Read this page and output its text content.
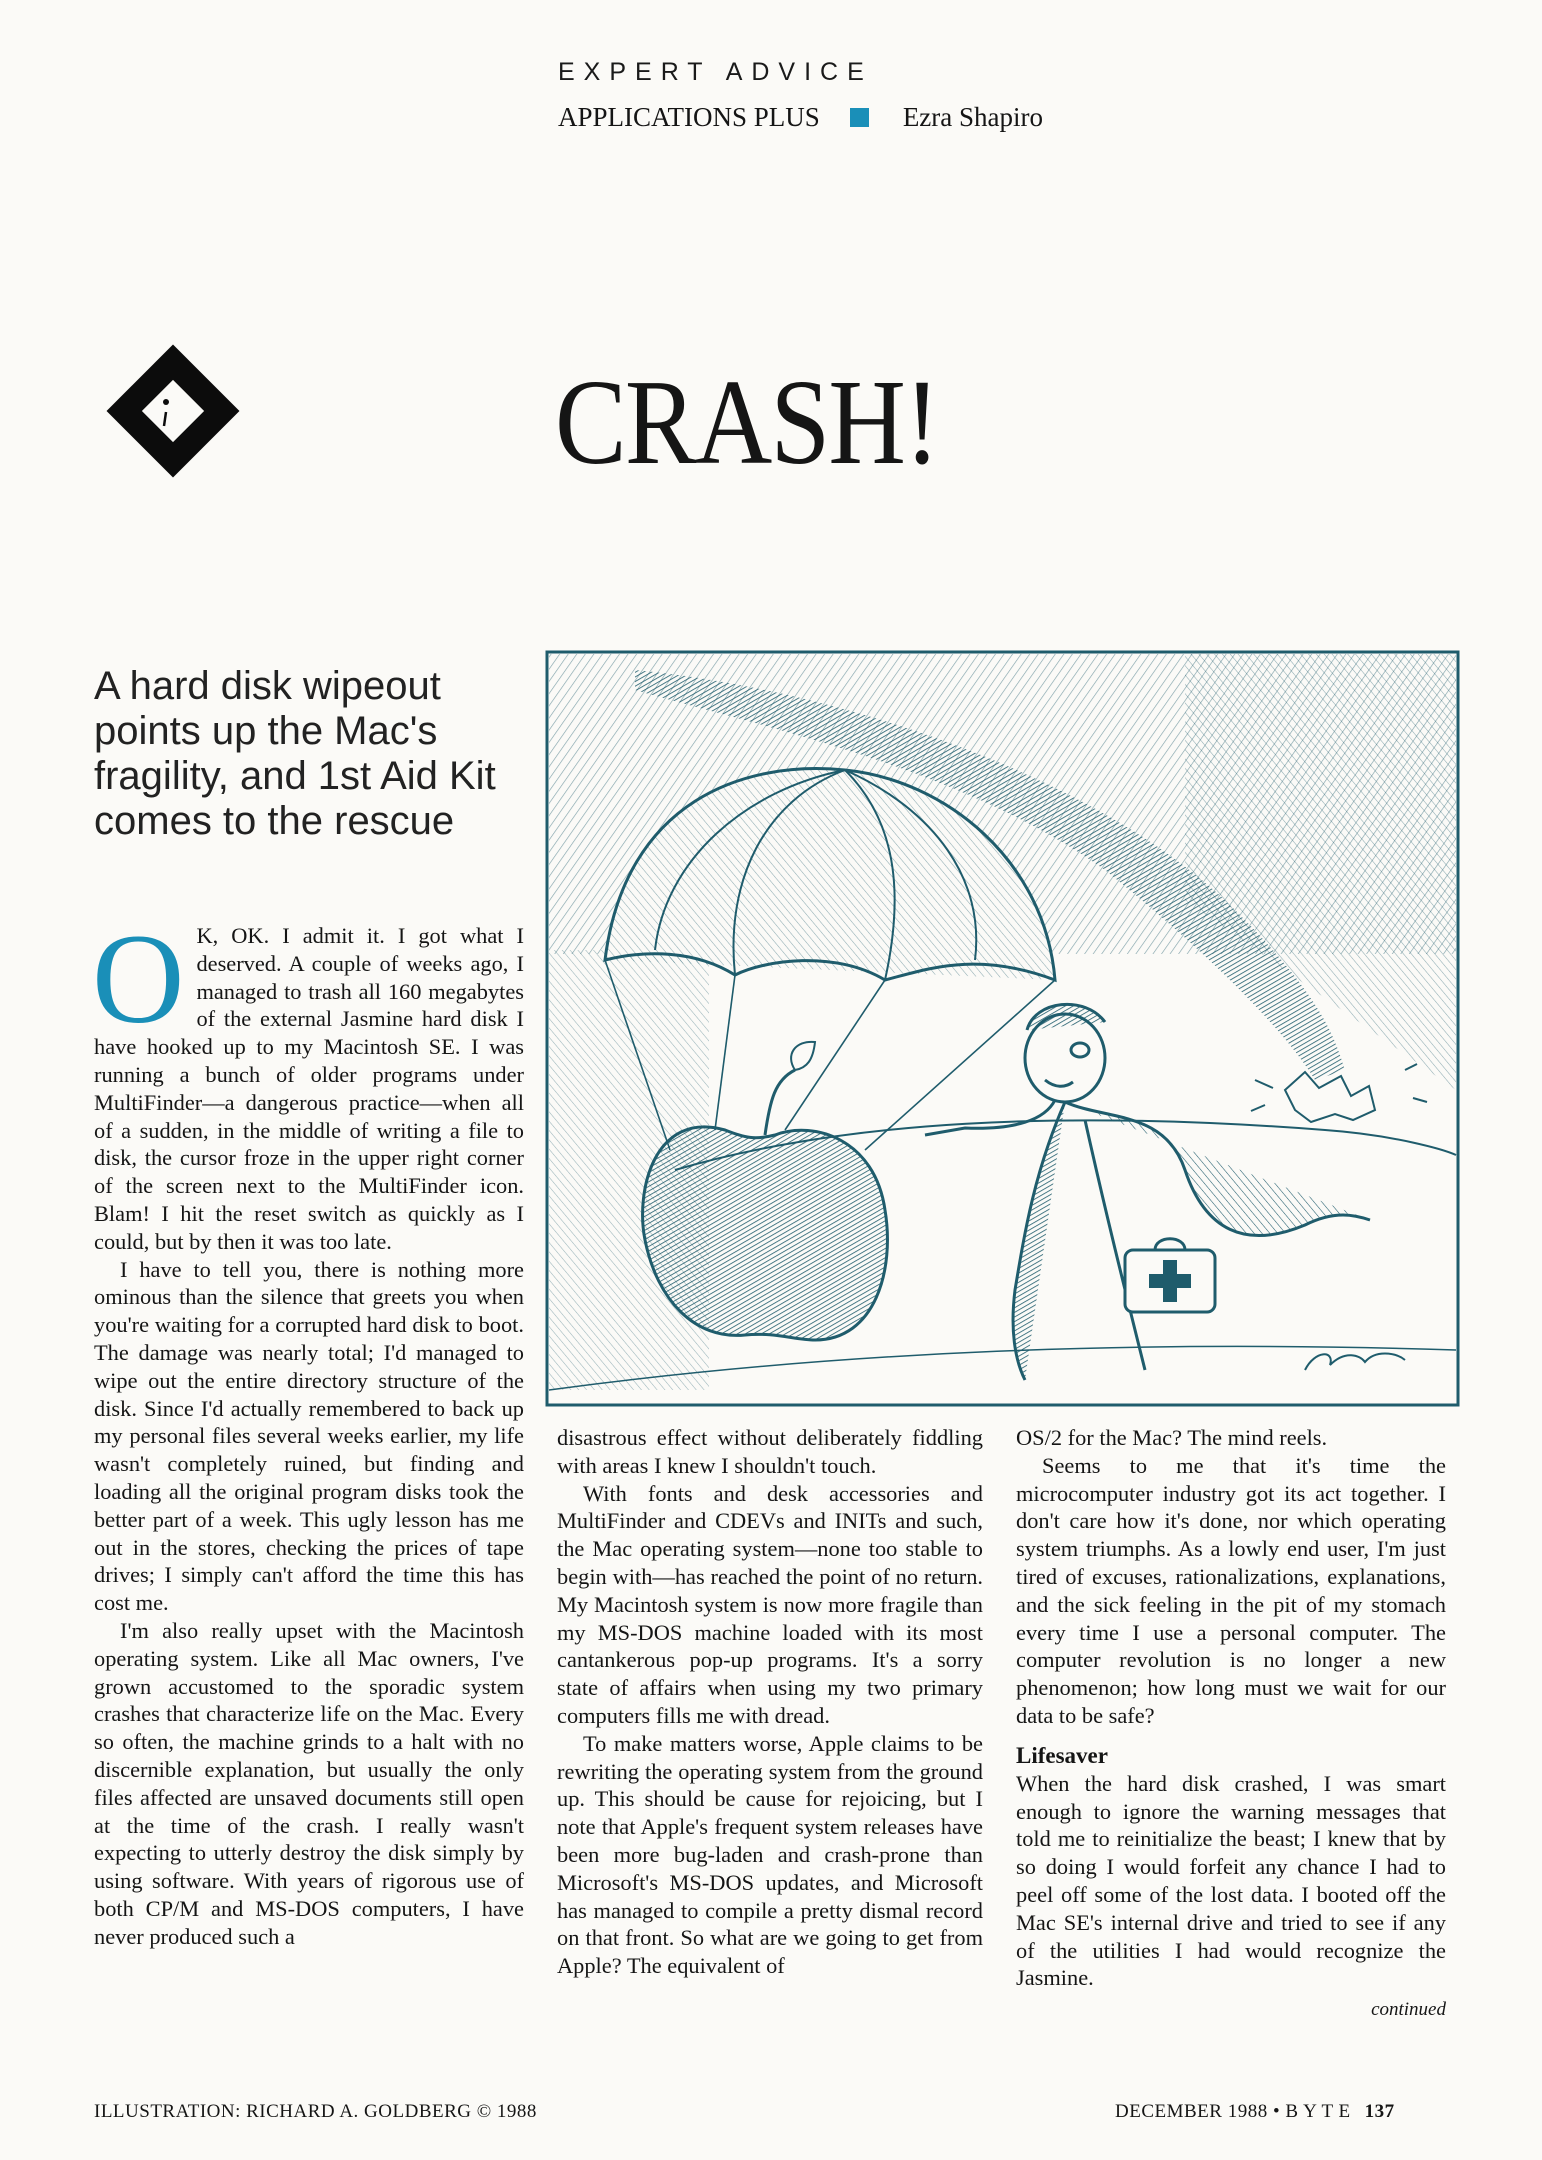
EXPERT ADVICE
APPLICATIONS PLUS	Ezra Shapiro
CRASH!
A hard disk wipeout points up the Mac's fragility, and 1st Aid Kit comes to the rescue

O K, OK. I admit it. I got what I deserved. A couple of weeks ago, I managed to trash all 160 megabytes of the external Jasmine hard disk I have hooked up to my Macintosh SE. I was running a bunch of older programs under MultiFinder—a dangerous practice—when all of a sudden, in the middle of writing a file to disk, the cursor froze in the upper right corner of the screen next to the MultiFinder icon. Blam! I hit the reset switch as quickly as I could, but by then it was too late.

I have to tell you, there is nothing more ominous than the silence that greets you when you're waiting for a corrupted hard disk to boot. The damage was nearly total; I'd managed to wipe out the entire directory structure of the disk. Since I'd actually remembered to back up my personal files several weeks earlier, my life wasn't completely ruined, but finding and loading all the original program disks took the better part of a week. This ugly lesson has me out in the stores, checking the prices of tape drives; I simply can't afford the time this has cost me.

I'm also really upset with the Macintosh operating system. Like all Mac owners, I've grown accustomed to the sporadic system crashes that characterize life on the Mac. Every so often, the machine grinds to a halt with no discernible explanation, but usually the only files affected are unsaved documents still open at the time of the crash. I really wasn't expecting to utterly destroy the disk simply by using software. With years of rigorous use of both CP/M and MS-DOS computers, I have never produced such a

disastrous effect without deliberately fiddling with areas I knew I shouldn't touch.

With fonts and desk accessories and MultiFinder and CDEVs and INITs and such, the Mac operating system—none too stable to begin with—has reached the point of no return. My Macintosh system is now more fragile than my MS-DOS machine loaded with its most cantankerous pop-up programs. It's a sorry state of affairs when using my two primary computers fills me with dread.

To make matters worse, Apple claims to be rewriting the operating system from the ground up. This should be cause for rejoicing, but I note that Apple's frequent system releases have been more bug-laden and crash-prone than Microsoft's MS-DOS updates, and Microsoft has managed to compile a pretty dismal record on that front. So what are we going to get from Apple? The equivalent of

OS/2 for the Mac? The mind reels.

Seems to me that it's time the microcomputer industry got its act together. I don't care how it's done, nor which operating system triumphs. As a lowly end user, I'm just tired of excuses, rationalizations, explanations, and the sick feeling in the pit of my stomach every time I use a personal computer. The computer revolution is no longer a new phenomenon; how long must we wait for our data to be safe?

Lifesaver

When the hard disk crashed, I was smart enough to ignore the warning messages that told me to reinitialize the beast; I knew that by so doing I would forfeit any chance I had to peel off some of the lost data. I booted off the Mac SE's internal drive and tried to see if any of the utilities I had would recognize the Jasmine.

continued
ILLUSTRATION: RICHARD A. GOLDBERG © 1988	DECEMBER 1988 • B Y T E 137
